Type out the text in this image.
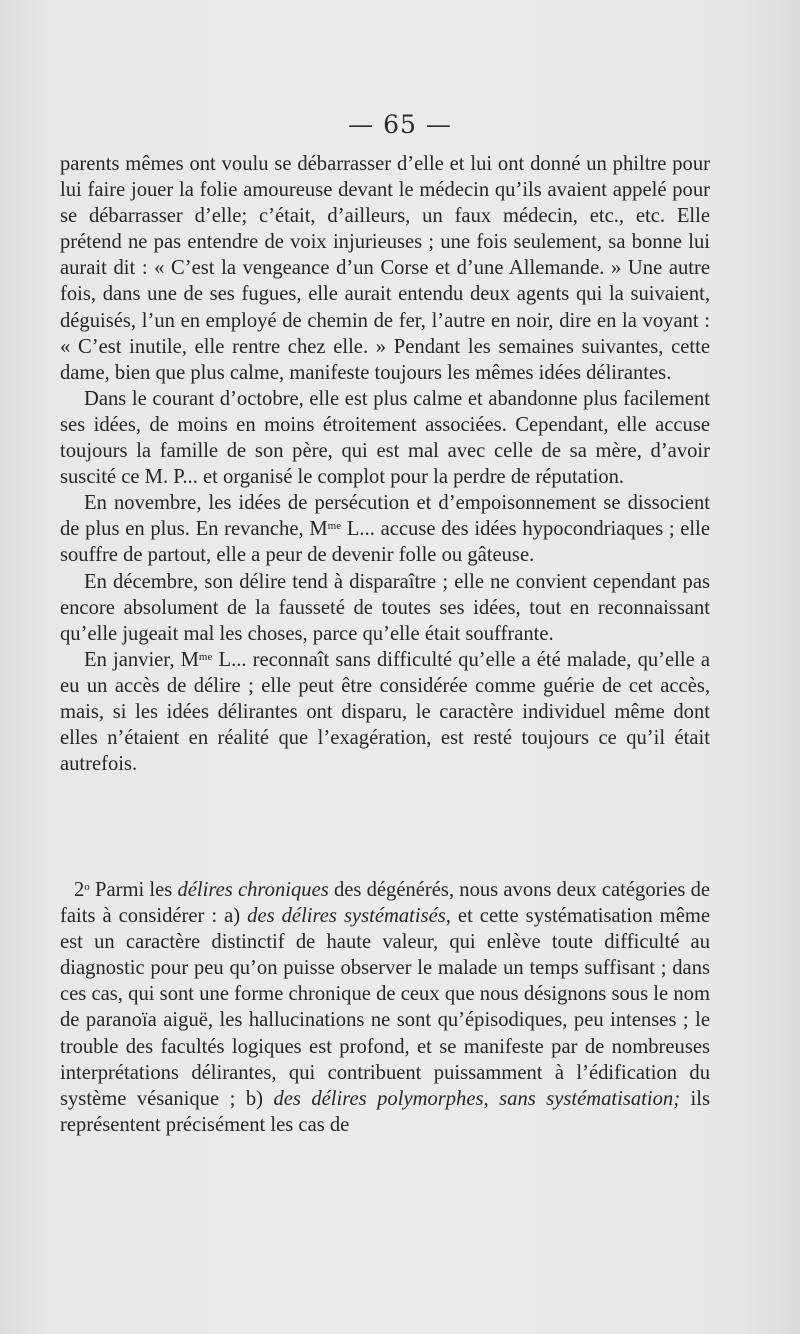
— 65 —

parents mêmes ont voulu se débarrasser d’elle et lui ont donné un philtre pour lui faire jouer la folie amoureuse devant le médecin qu’ils avaient appelé pour se débarrasser d’elle; c’était, d’ailleurs, un faux médecin, etc., etc. Elle prétend ne pas entendre de voix injurieuses ; une fois seulement, sa bonne lui aurait dit : « C’est la vengeance d’un Corse et d’une Allemande. » Une autre fois, dans une de ses fugues, elle aurait entendu deux agents qui la suivaient, déguisés, l’un en employé de chemin de fer, l’autre en noir, dire en la voyant : « C’est inutile, elle rentre chez elle. » Pendant les semaines suivantes, cette dame, bien que plus calme, manifeste toujours les mêmes idées délirantes.

Dans le courant d’octobre, elle est plus calme et abandonne plus facilement ses idées, de moins en moins étroitement associées. Cependant, elle accuse toujours la famille de son père, qui est mal avec celle de sa mère, d’avoir suscité ce M. P... et organisé le complot pour la perdre de réputation.

En novembre, les idées de persécution et d’empoisonnement se dissocient de plus en plus. En revanche, $M^{me}$ L... accuse des idées hypocondriaques ; elle souffre de partout, elle a peur de devenir folle ou gâteuse.

En décembre, son délire tend à disparaître ; elle ne convient cependant pas encore absolument de la fausseté de toutes ses idées, tout en reconnaissant qu’elle jugeait mal les choses, parce qu’elle était souffrante.

En janvier, $M^{me}$ L... reconnaît sans difficulté qu’elle a été malade, qu’elle a eu un accès de délire ; elle peut être considérée comme guérie de cet accès, mais, si les idées délirantes ont disparu, le caractère individuel même dont elles n’étaient en réalité que l’exagération, est resté toujours ce qu’il était autrefois.

2$^o$ Parmi les délires chroniques des dégénérés, nous avons deux catégories de faits à considérer : a) des délires systématisés, et cette systématisation même est un caractère distinctif de haute valeur, qui enlève toute difficulté au diagnostic pour peu qu’on puisse observer le malade un temps suffisant ; dans ces cas, qui sont une forme chronique de ceux que nous désignons sous le nom de paranoïa aiguë, les hallucinations ne sont qu’épisodiques, peu intenses ; le trouble des facultés logiques est profond, et se manifeste par de nombreuses interprétations délirantes, qui contribuent puissamment à l’édification du système vésanique ; b) des délires polymorphes, sans systématisation; ils représentent précisément les cas de
